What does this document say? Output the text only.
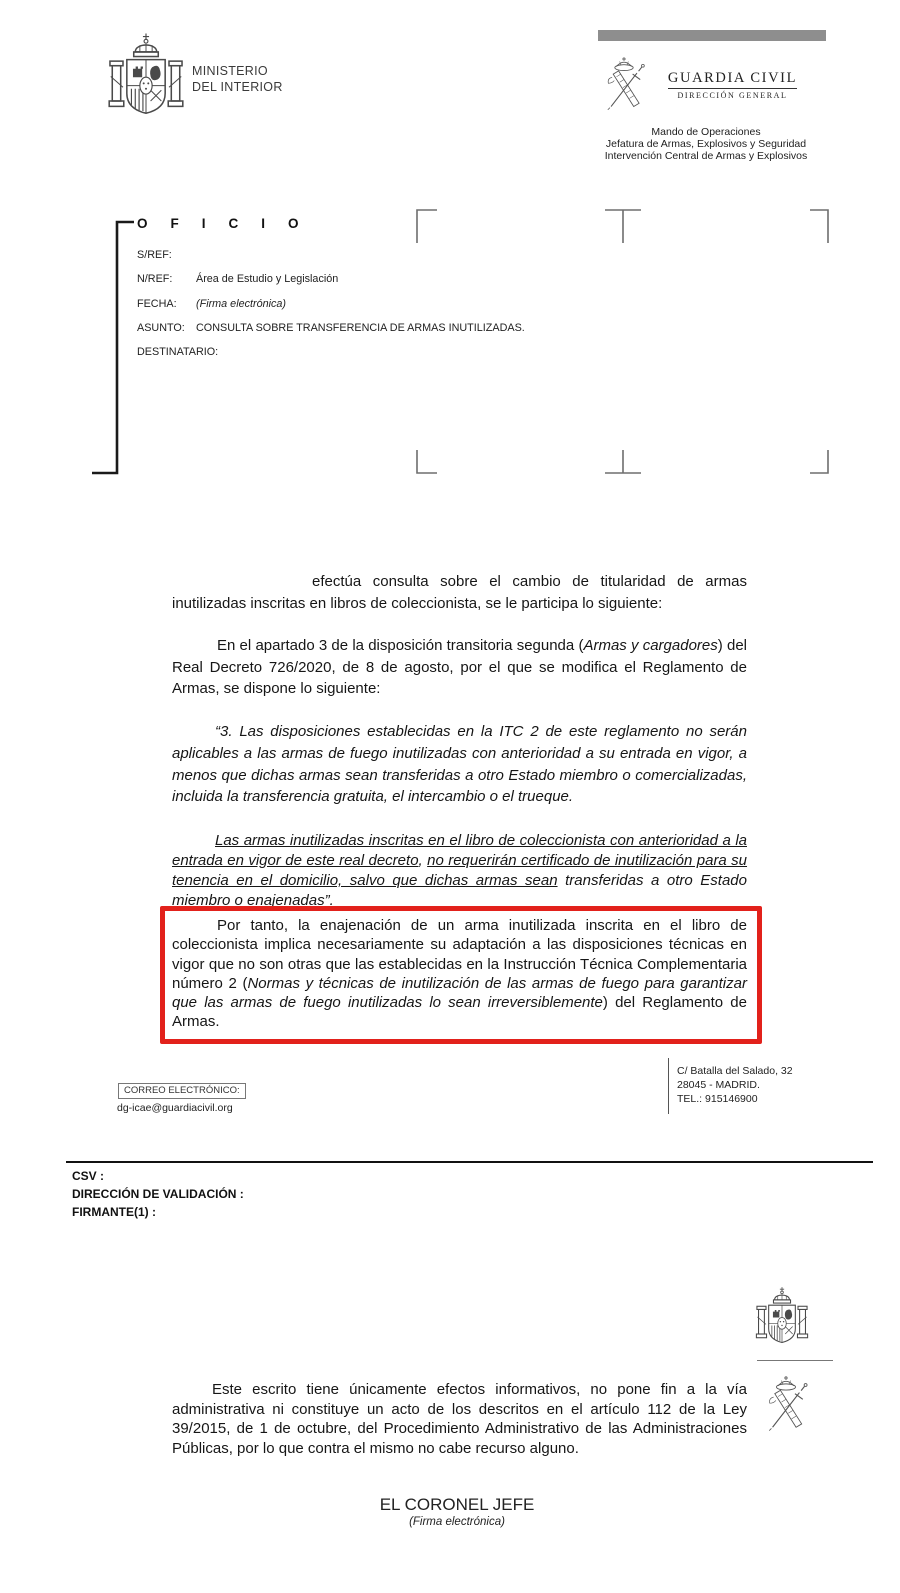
MINISTERIO
DEL INTERIOR
GUARDIA CIVIL
DIRECCIÓN GENERAL
Mando de Operaciones
Jefatura de Armas, Explosivos y Seguridad
Intervención Central de Armas y Explosivos
OFICIO
S/REF:
N/REF: Área de Estudio y Legislación
FECHA: (Firma electrónica)
ASUNTO: CONSULTA SOBRE TRANSFERENCIA DE ARMAS INUTILIZADAS.
DESTINATARIO:

efectúa consulta sobre el cambio de titularidad de armas inutilizadas inscritas en libros de coleccionista, se le participa lo siguiente:

En el apartado 3 de la disposición transitoria segunda (Armas y cargadores) del Real Decreto 726/2020, de 8 de agosto, por el que se modifica el Reglamento de Armas, se dispone lo siguiente:

“3. Las disposiciones establecidas en la ITC 2 de este reglamento no serán aplicables a las armas de fuego inutilizadas con anterioridad a su entrada en vigor, a menos que dichas armas sean transferidas a otro Estado miembro o comercializadas, incluida la transferencia gratuita, el intercambio o el trueque.

Las armas inutilizadas inscritas en el libro de coleccionista con anterioridad a la entrada en vigor de este real decreto, no requerirán certificado de inutilización para su tenencia en el domicilio, salvo que dichas armas sean transferidas a otro Estado miembro o enajenadas”.

Por tanto, la enajenación de un arma inutilizada inscrita en el libro de coleccionista implica necesariamente su adaptación a las disposiciones técnicas en vigor que no son otras que las establecidas en la Instrucción Técnica Complementaria número 2 (Normas y técnicas de inutilización de las armas de fuego para garantizar que las armas de fuego inutilizadas lo sean irreversiblemente) del Reglamento de Armas.

CORREO ELECTRÓNICO:
dg-icae@guardiacivil.org
C/ Batalla del Salado, 32
28045 - MADRID.
TEL.: 915146900
CSV :
DIRECCIÓN DE VALIDACIÓN :
FIRMANTE(1) :

Este escrito tiene únicamente efectos informativos, no pone fin a la vía administrativa ni constituye un acto de los descritos en el artículo 112 de la Ley 39/2015, de 1 de octubre, del Procedimiento Administrativo de las Administraciones Públicas, por lo que contra el mismo no cabe recurso alguno.

EL CORONEL JEFE
(Firma electrónica)
